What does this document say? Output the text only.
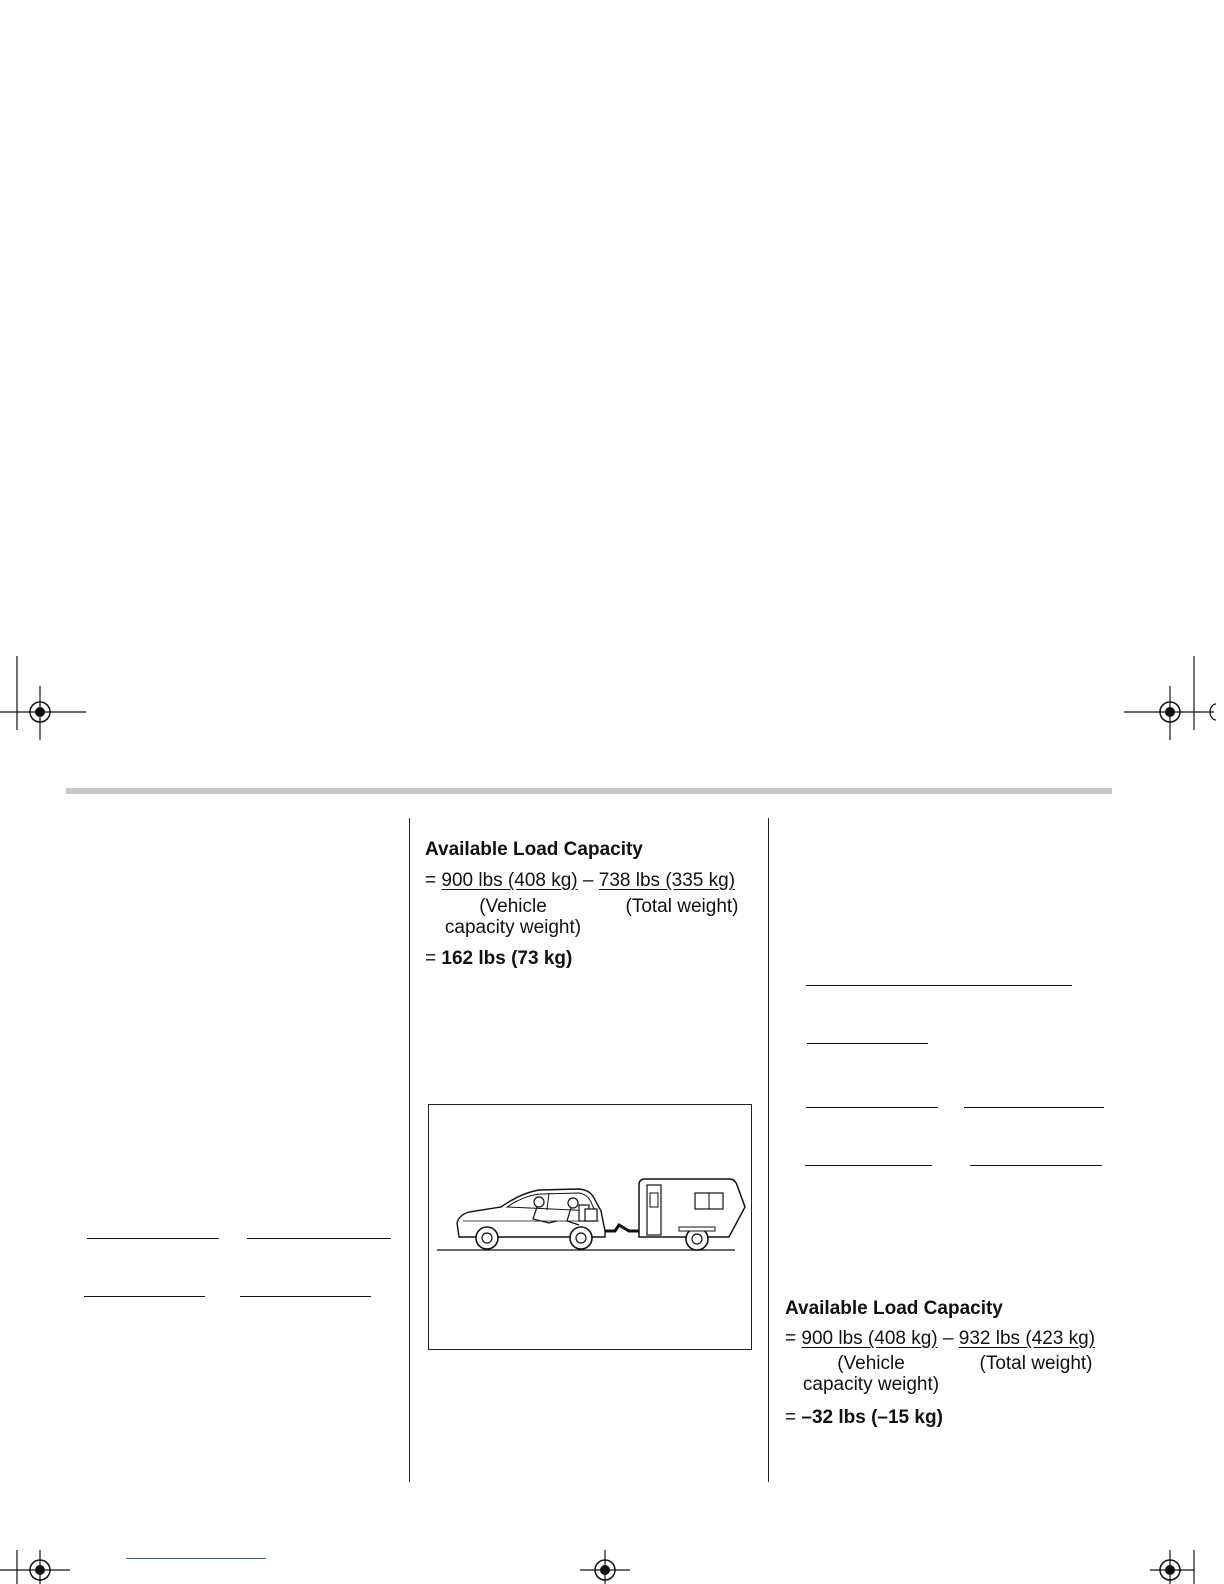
Available Load Capacity
= 900 lbs (408 kg) – 738 lbs (335 kg)
(Vehicle
capacity weight)
(Total weight)
= 162 lbs (73 kg)
Available Load Capacity
= 900 lbs (408 kg) – 932 lbs (423 kg)
(Vehicle
capacity weight)
(Total weight)
= –32 lbs (–15 kg)
